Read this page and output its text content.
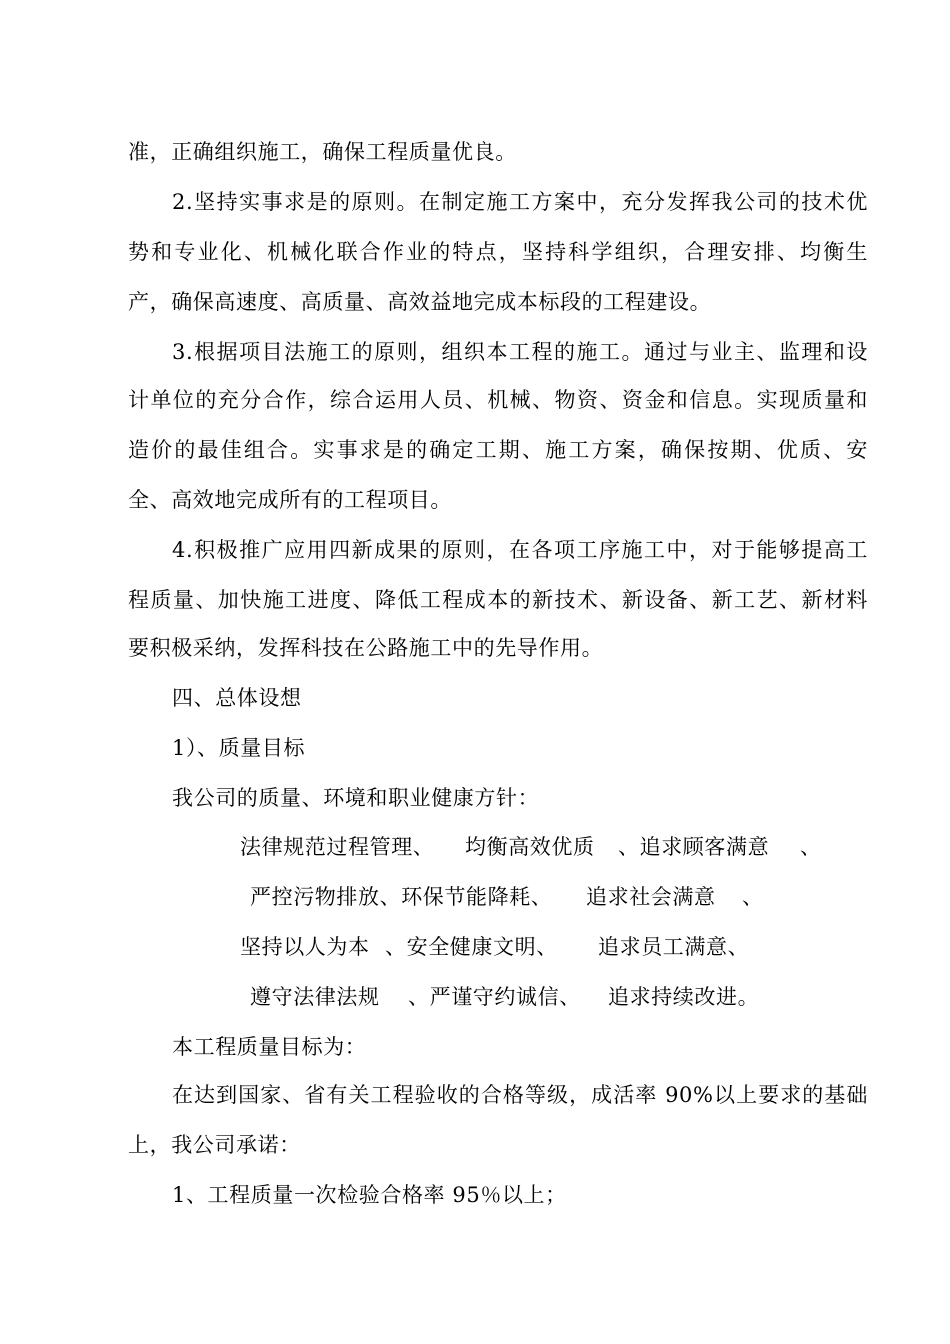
准，正确组织施工，确保工程质量优良。
2.坚持实事求是的原则。在制定施工方案中，充分发挥我公司的技术优
势和专业化、机械化联合作业的特点，坚持科学组织，合理安排、均衡生
产，确保高速度、高质量、高效益地完成本标段的工程建设。
3.根据项目法施工的原则，组织本工程的施工。通过与业主、监理和设
计单位的充分合作，综合运用人员、机械、物资、资金和信息。实现质量和
造价的最佳组合。实事求是的确定工期、施工方案，确保按期、优质、安
全、高效地完成所有的工程项目。
4.积极推广应用四新成果的原则，在各项工序施工中，对于能够提高工
程质量、加快施工进度、降低工程成本的新技术、新设备、新工艺、新材料
要积极采纳，发挥科技在公路施工中的先导作用。
四、总体设想
1）、质量目标
我公司的质量、环境和职业健康方针：
法律规范过程管理、 均衡高效优质 、追求顾客满意 、
严控污物排放、环保节能降耗、 追求社会满意 、
坚持以人为本 、安全健康文明、 追求员工满意、
遵守法律法规 、严谨守约诚信、 追求持续改进。
本工程质量目标为：
在达到国家、省有关工程验收的合格等级，成活率 90%以上要求的基础
上，我公司承诺：
1、工程质量一次检验合格率 95％以上；
